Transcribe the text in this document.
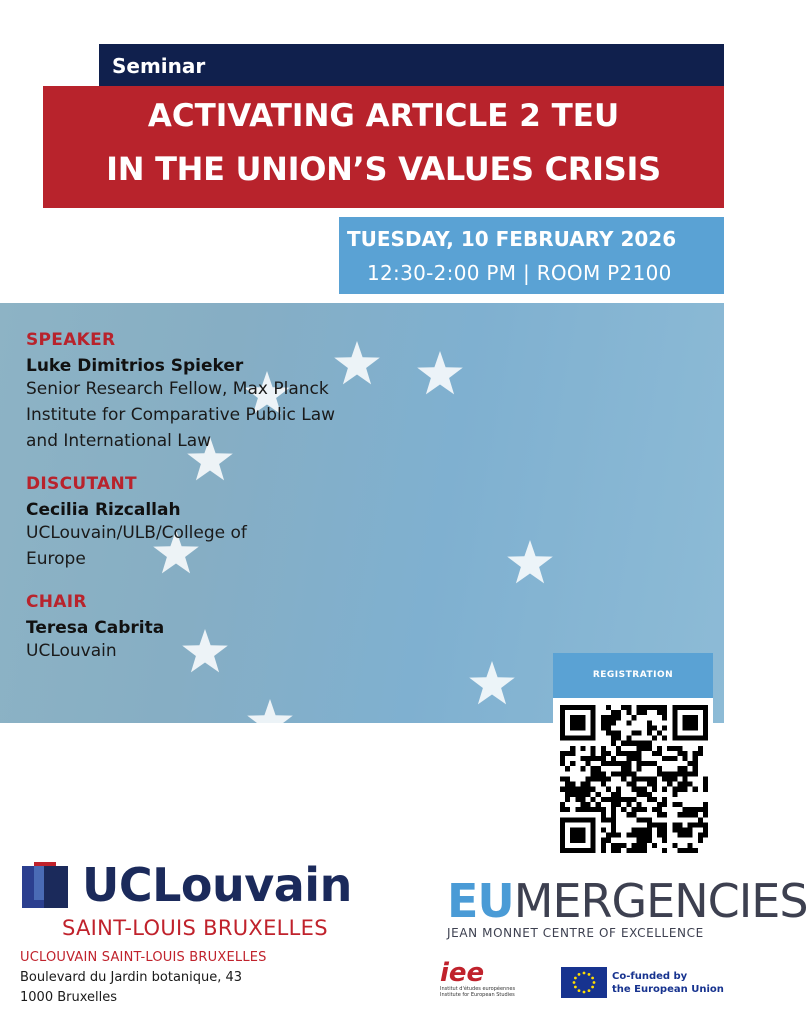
Seminar
ACTIVATING ARTICLE 2 TEU
IN THE UNION’S VALUES CRISIS
TUESDAY, 10 FEBRUARY 2026
12:30-2:00 PM | ROOM P2100
SPEAKER
Luke Dimitrios Spieker
Senior Research Fellow, Max Planck Institute for Comparative Public Law and International Law
DISCUTANT
Cecilia Rizcallah
UCLouvain/ULB/College of Europe
CHAIR
Teresa Cabrita
UCLouvain
REGISTRATION
UCLouvain
SAINT-LOUIS BRUXELLES
UCLOUVAIN SAINT-LOUIS BRUXELLES
Boulevard du Jardin botanique, 43
1000 Bruxelles
EUMERGENCIES
JEAN MONNET CENTRE OF EXCELLENCE
iee
Institut d'études européennes
Institute for European Studies
Co-funded by
the European Union
